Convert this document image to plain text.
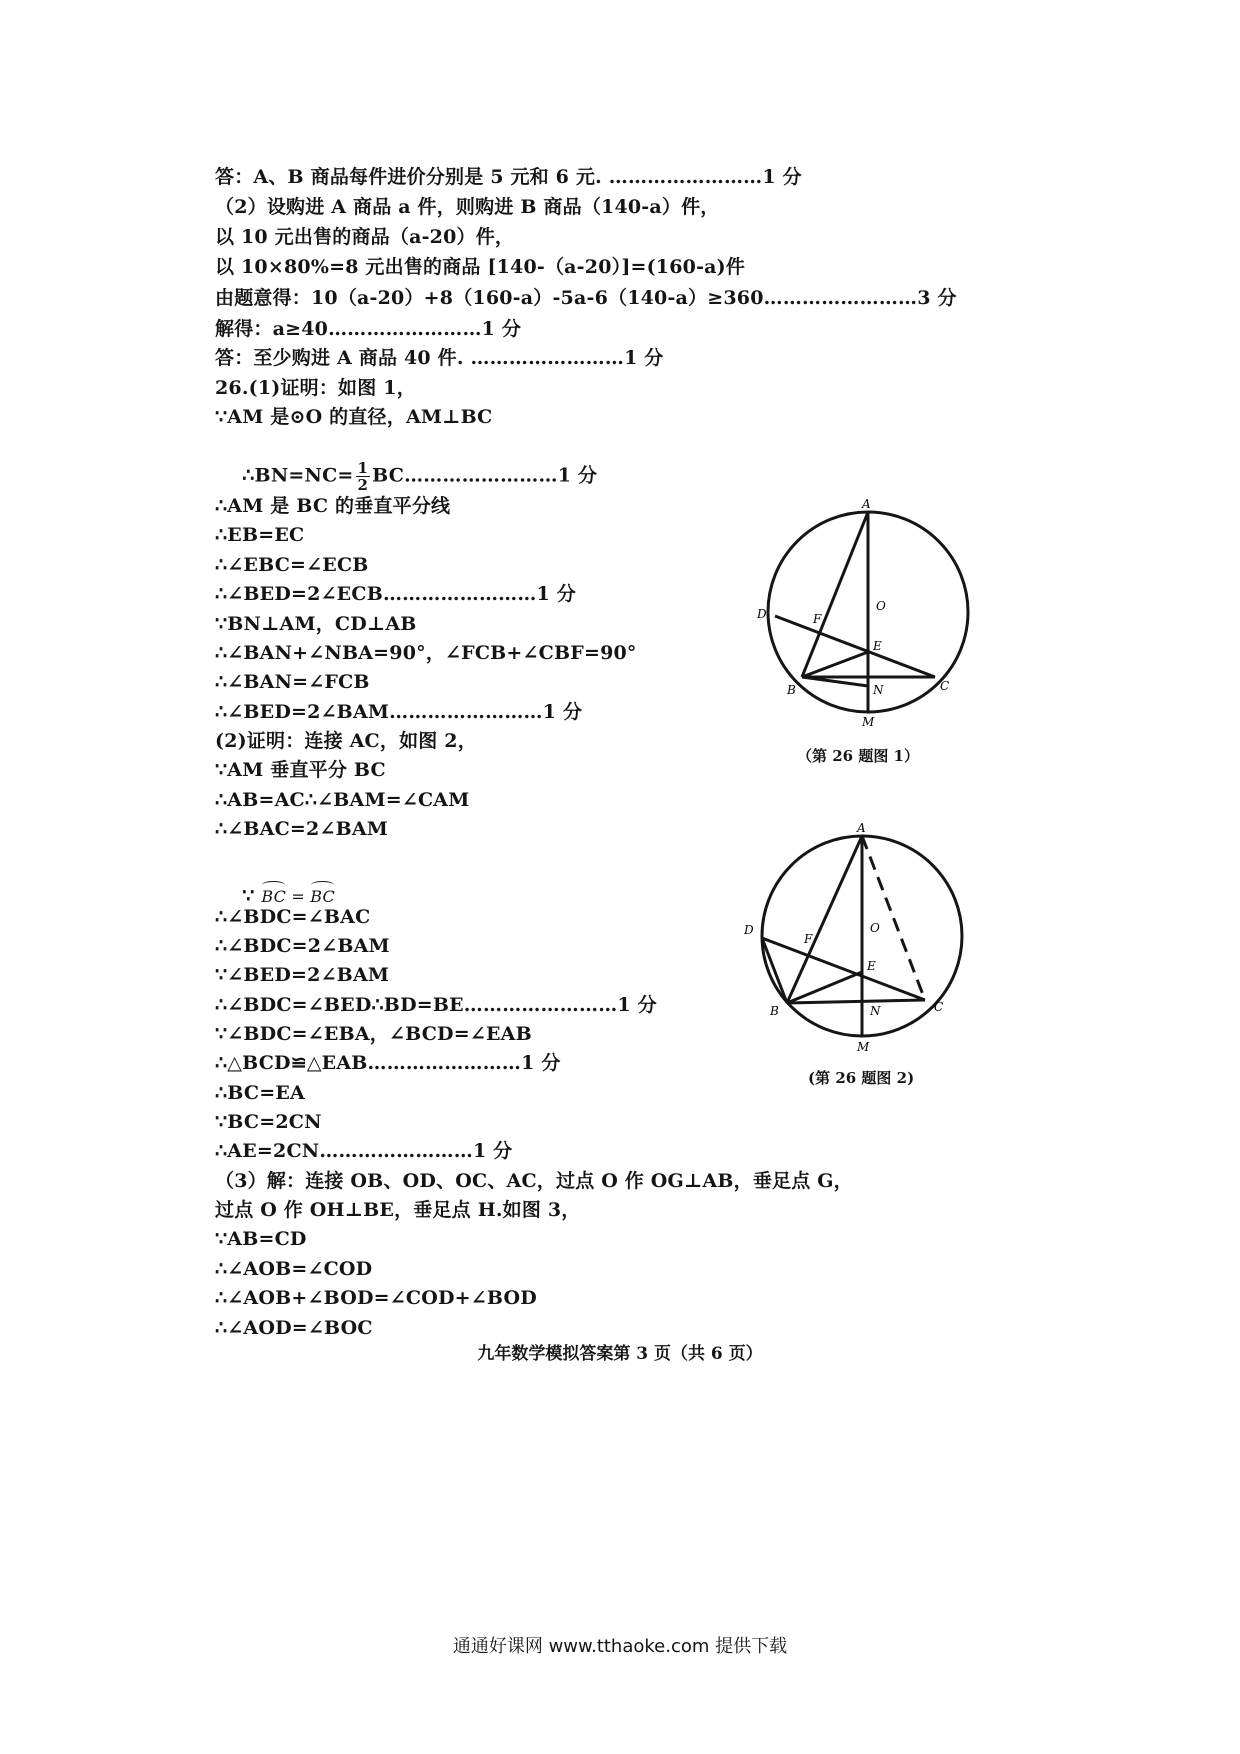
答：A、B 商品每件进价分别是 5 元和 6 元. ……………………1 分
（2）设购进 A 商品 a 件，则购进 B 商品（140-a）件，
以 10 元出售的商品（a-20）件，
以 10×80%=8 元出售的商品 [140-（a-20）]=(160-a)件
由题意得：10（a-20）+8（160-a）-5a-6（140-a）≥360……………………3 分
解得：a≥40……………………1 分
答：至少购进 A 商品 40 件. ……………………1 分
26.(1)证明：如图 1，
∵AM 是⊙O 的直径，AM⊥BC

∴BN=NC= $\frac{1}{2}$ BC……………………1 分

∴AM 是 BC 的垂直平分线
∴EB=EC
∴∠EBC=∠ECB
∴∠BED=2∠ECB……………………1 分
∵BN⊥AM，CD⊥AB
∴∠BAN+∠NBA=90°，∠FCB+∠CBF=90°
∴∠BAN=∠FCB
∴∠BED=2∠BAM……………………1 分
(2)证明：连接 AC，如图 2，
∵AM 垂直平分 BC
∴AB=AC∴∠BAM=∠CAM
∴∠BAC=2∠BAM

∵ BC = BC

∴∠BDC=∠BAC
∴∠BDC=2∠BAM
∵∠BED=2∠BAM
∴∠BDC=∠BED∴BD=BE……………………1 分
∵∠BDC=∠EBA，∠BCD=∠EAB
∴△BCD≌△EAB……………………1 分
∴BC=EA
∵BC=2CN
∴AE=2CN……………………1 分
（3）解：连接 OB、OD、OC、AC，过点 O 作 OG⊥AB，垂足点 G，
过点 O 作 OH⊥BE，垂足点 H.如图 3，
∵AB=CD
∴∠AOB=∠COD
∴∠AOB+∠BOD=∠COD+∠BOD
∴∠AOD=∠BOC
A
D	F
O
E
B	N	C
M
（第 26 题图 1）
A
D
F
O
E
B	N	C
M
(第 26 题图 2)
九年数学模拟答案第 3 页（共 6 页）
通通好课网 www.tthaoke.com 提供下载
